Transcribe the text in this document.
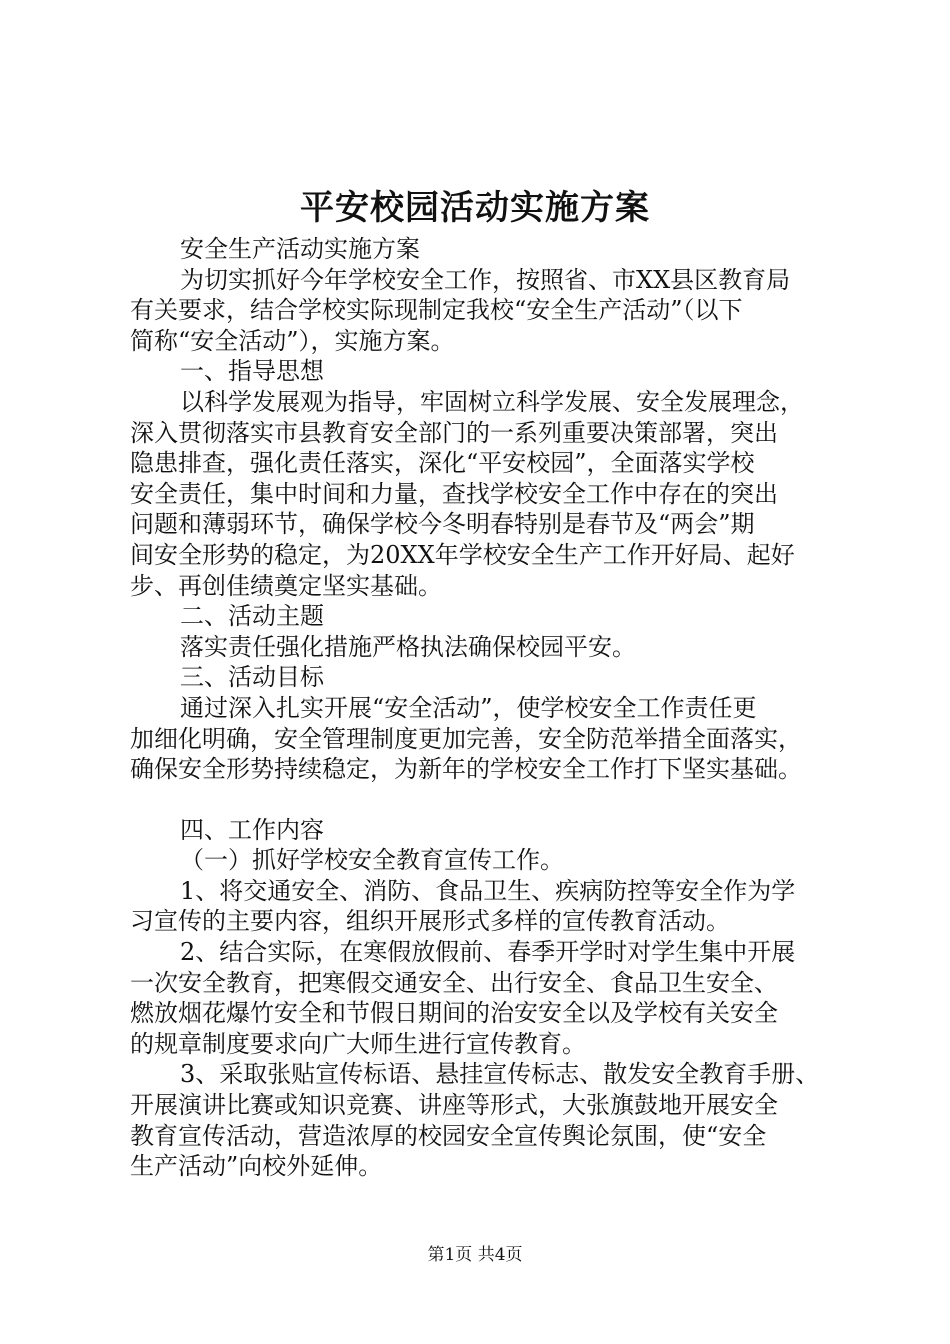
平安校园活动实施方案
安全生产活动实施方案
为切实抓好今年学校安全工作，按照省、市XX县区教育局
有关要求，结合学校实际现制定我校“安全生产活动”（以下
简称“安全活动”），实施方案。
一、指导思想
以科学发展观为指导，牢固树立科学发展、安全发展理念，
深入贯彻落实市县教育安全部门的一系列重要决策部署，突出
隐患排查，强化责任落实，深化“平安校园”，全面落实学校
安全责任，集中时间和力量，查找学校安全工作中存在的突出
问题和薄弱环节，确保学校今冬明春特别是春节及“两会”期
间安全形势的稳定，为20XX年学校安全生产工作开好局、起好
步、再创佳绩奠定坚实基础。
二、活动主题
落实责任强化措施严格执法确保校园平安。
三、活动目标
通过深入扎实开展“安全活动”，使学校安全工作责任更
加细化明确，安全管理制度更加完善，安全防范举措全面落实，
确保安全形势持续稳定，为新年的学校安全工作打下坚实基础。
四、工作内容
（一）抓好学校安全教育宣传工作。
1、将交通安全、消防、食品卫生、疾病防控等安全作为学
习宣传的主要内容，组织开展形式多样的宣传教育活动。
2、结合实际，在寒假放假前、春季开学时对学生集中开展
一次安全教育，把寒假交通安全、出行安全、食品卫生安全、
燃放烟花爆竹安全和节假日期间的治安安全以及学校有关安全
的规章制度要求向广大师生进行宣传教育。
3、采取张贴宣传标语、悬挂宣传标志、散发安全教育手册、
开展演讲比赛或知识竞赛、讲座等形式，大张旗鼓地开展安全
教育宣传活动，营造浓厚的校园安全宣传舆论氛围，使“安全
生产活动”向校外延伸。
第1页 共4页
